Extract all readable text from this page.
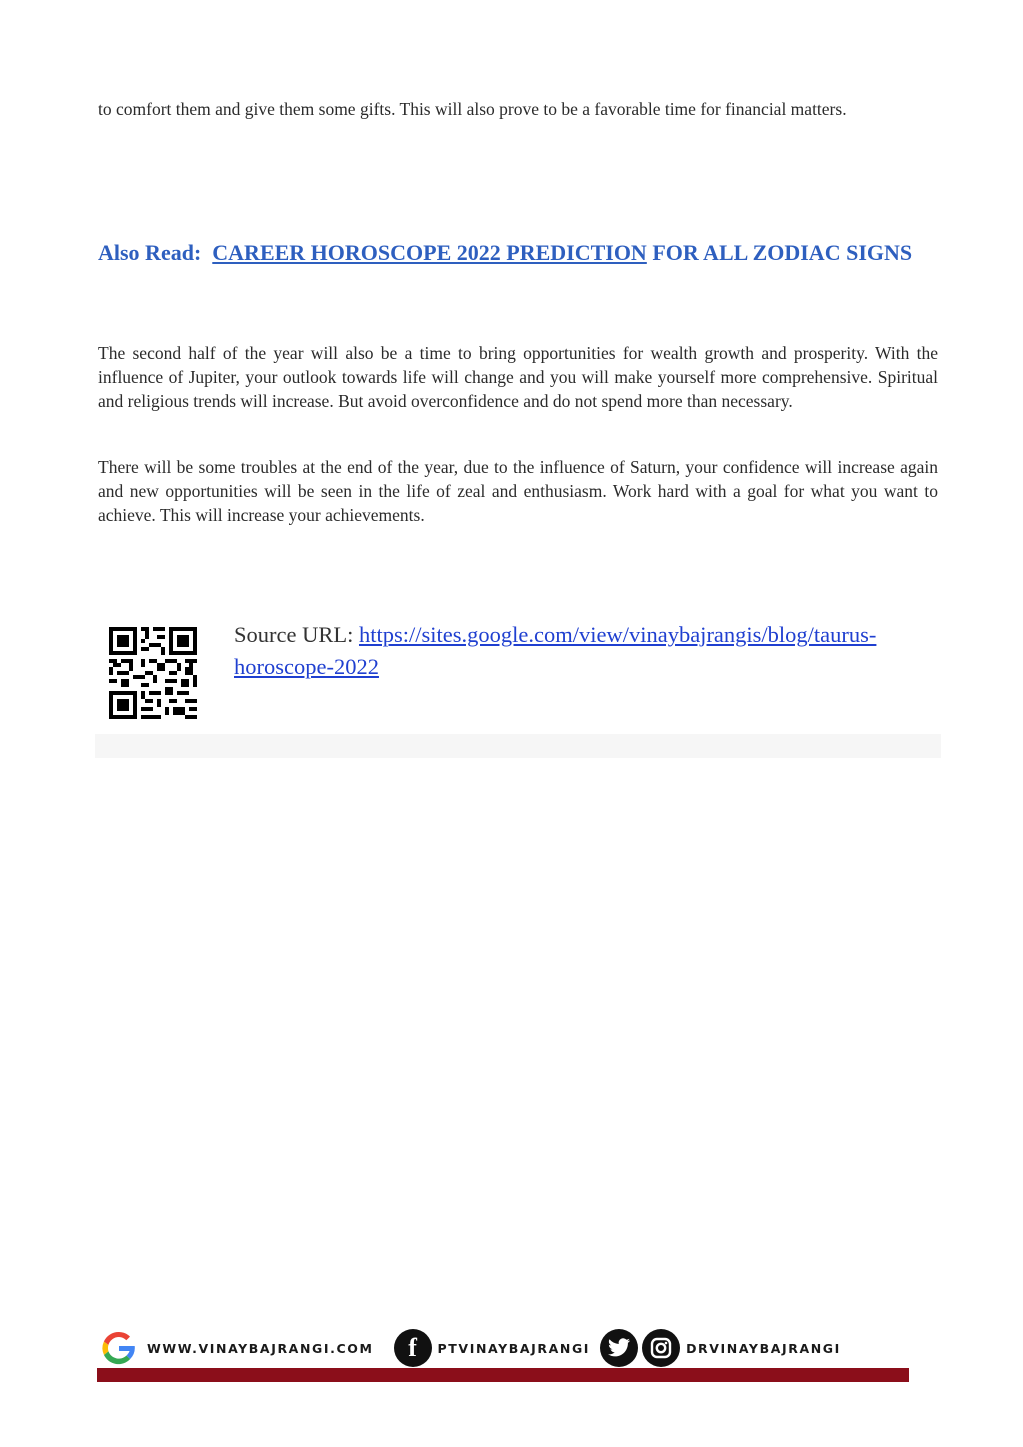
to comfort them and give them some gifts. This will also prove to be a favorable time for financial matters.

Also Read: CAREER HOROSCOPE 2022 PREDICTION FOR ALL ZODIAC SIGNS

The second half of the year will also be a time to bring opportunities for wealth growth and prosperity. With the influence of Jupiter, your outlook towards life will change and you will make yourself more comprehensive. Spiritual and religious trends will increase. But avoid overconfidence and do not spend more than necessary.

There will be some troubles at the end of the year, due to the influence of Saturn, your confidence will increase again and new opportunities will be seen in the life of zeal and enthusiasm. Work hard with a goal for what you want to achieve. This will increase your achievements.

Source URL: https://sites.google.com/view/vinaybajrangis/blog/taurus-horoscope-2022

WWW.VINAYBAJRANGI.COM	f	PTVINAYBAJRANGI	DRVINAYBAJRANGI
